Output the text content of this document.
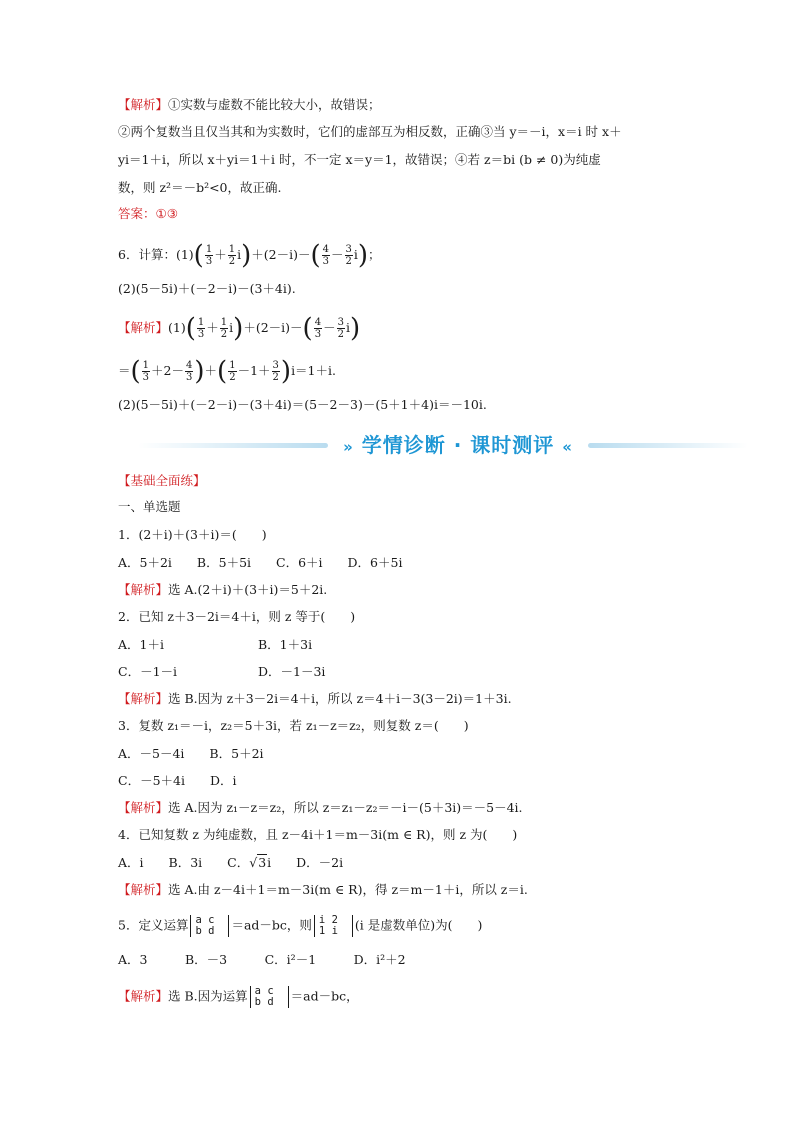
【解析】①实数与虚数不能比较大小，故错误；
②两个复数当且仅当其和为实数时，它们的虚部互为相反数，正确③当 y＝－i，x＝i 时 x＋
yi＝1＋i，所以 x＋yi＝1＋i 时，不一定 x＝y＝1，故错误；④若 z＝bi (b ≠ 0)为纯虚
数，则 z²＝－b²<0，故正确.
答案：①③
6．计算：$(1)( \frac{1}{3} + \frac{1}{2} i)+(2-i)-( \frac{4}{3} - \frac{3}{2} i)$；
(2)(5－5i)＋(－2－i)－(3＋4i).
【解析】$(1)( \frac{1}{3} + \frac{1}{2} i)+(2-i)-( \frac{4}{3} - \frac{3}{2} i)$
＝( $\frac{1}{3} +2- \frac{4}{3}$ )＋( $\frac{1}{2} -1+ \frac{3}{2} )i=1+i$.
(2)(5－5i)＋(－2－i)－(3＋4i)＝(5－2－3)－(5＋1＋4)i＝－10i.
» 学情诊断 · 课时测评 «
【基础全面练】
一、单选题
1．(2＋i)＋(3＋i)＝(　　)
A．5＋2i　　B．5＋5i　　C．6＋i　　D．6＋5i
【解析】选 A.(2＋i)＋(3＋i)＝5＋2i.
2．已知 z＋3－2i＝4＋i，则 z 等于(　　)
A．1＋i	B．1＋3i
C．－1－i	D．－1－3i
【解析】选 B.因为 z＋3－2i＝4＋i，所以 z＝4＋i－3(3－2i)＝1＋3i.
3．复数 z₁＝－i，z₂＝5＋3i，若 z₁－z＝z₂，则复数 z＝(　　)
A．－5－4i　　B．5＋2i
C．－5＋4i　　D．i
【解析】选 A.因为 z₁－z＝z₂，所以 z＝z₁－z₂＝－i－(5＋3i)＝－5－4i.
4．已知复数 z 为纯虚数，且 z－4i＋1＝m－3i(m ∈ R)，则 z 为(　　)
A．i　　B．3i　　C．√3i　　D．－2i
【解析】选 A.由 z－4i＋1＝m－3i(m ∈ R)，得 z＝m－1＋i，所以 z＝i.
5．定义运算 a c
b d ＝ad－bc，则 i 2
1 i (i 是虚数单位)为(　　)
A．3　　　B．－3　　　C．i²－1　　　D．i²＋2
【解析】选 B.因为运算 a c
b d ＝ad－bc，
